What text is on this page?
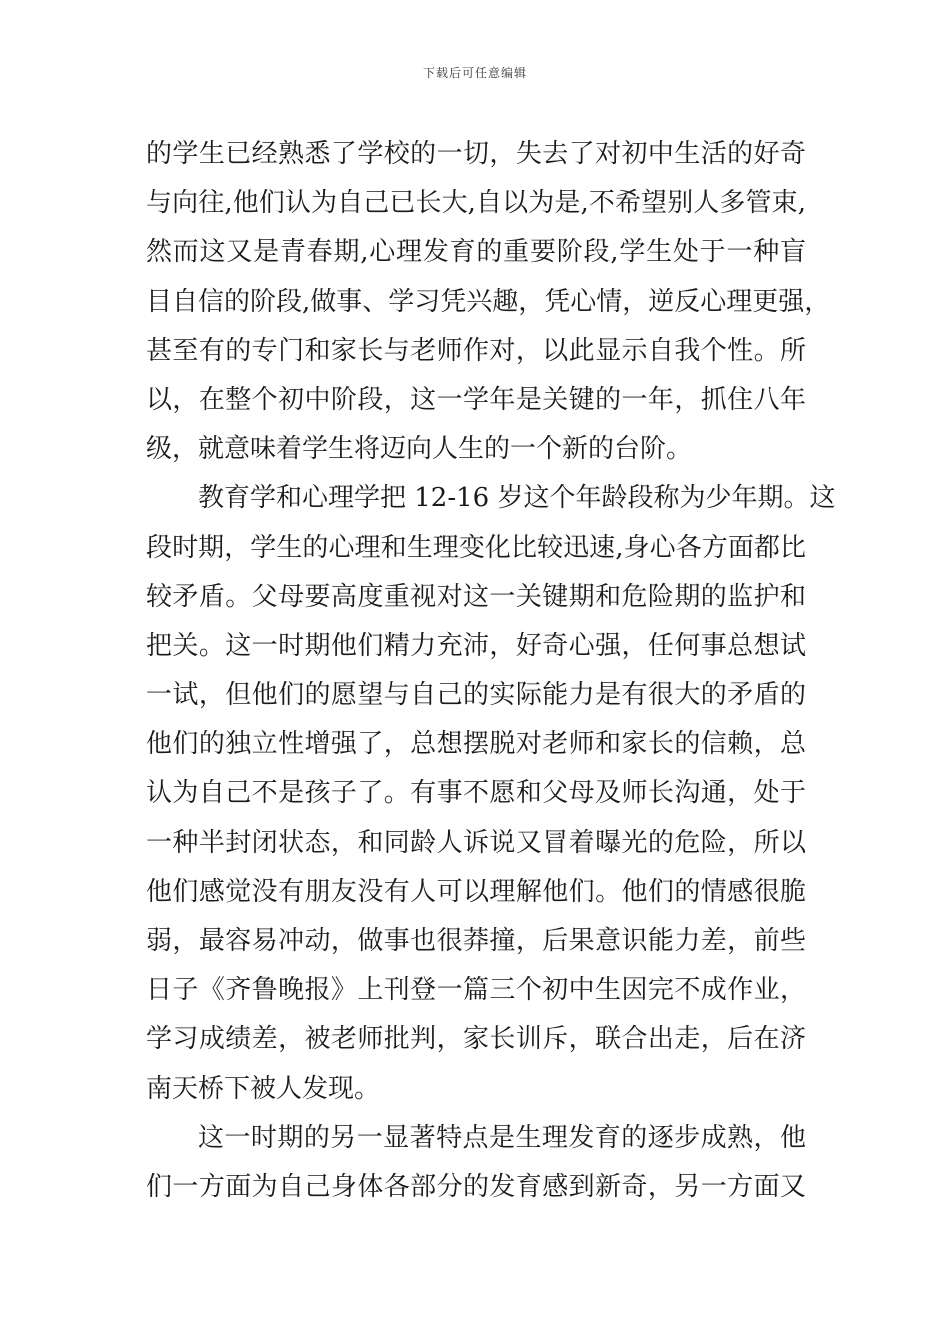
下载后可任意编辑
的学生已经熟悉了学校的一切，失去了对初中生活的好奇
与向往,他们认为自己已长大,自以为是,不希望别人多管束,
然而这又是青春期,心理发育的重要阶段,学生处于一种盲
目自信的阶段,做事、学习凭兴趣，凭心情，逆反心理更强，
甚至有的专门和家长与老师作对，以此显示自我个性。所
以，在整个初中阶段，这一学年是关键的一年，抓住八年
级，就意味着学生将迈向人生的一个新的台阶。
教育学和心理学把 12-16 岁这个年龄段称为少年期。这
段时期，学生的心理和生理变化比较迅速,身心各方面都比
较矛盾。父母要高度重视对这一关键期和危险期的监护和
把关。这一时期他们精力充沛，好奇心强，任何事总想试
一试，但他们的愿望与自己的实际能力是有很大的矛盾的
他们的独立性增强了，总想摆脱对老师和家长的信赖，总
认为自己不是孩子了。有事不愿和父母及师长沟通，处于
一种半封闭状态，和同龄人诉说又冒着曝光的危险，所以
他们感觉没有朋友没有人可以理解他们。他们的情感很脆
弱，最容易冲动，做事也很莽撞，后果意识能力差，前些
日子《齐鲁晚报》上刊登一篇三个初中生因完不成作业，
学习成绩差，被老师批判，家长训斥，联合出走，后在济
南天桥下被人发现。
这一时期的另一显著特点是生理发育的逐步成熟，他
们一方面为自己身体各部分的发育感到新奇，另一方面又
